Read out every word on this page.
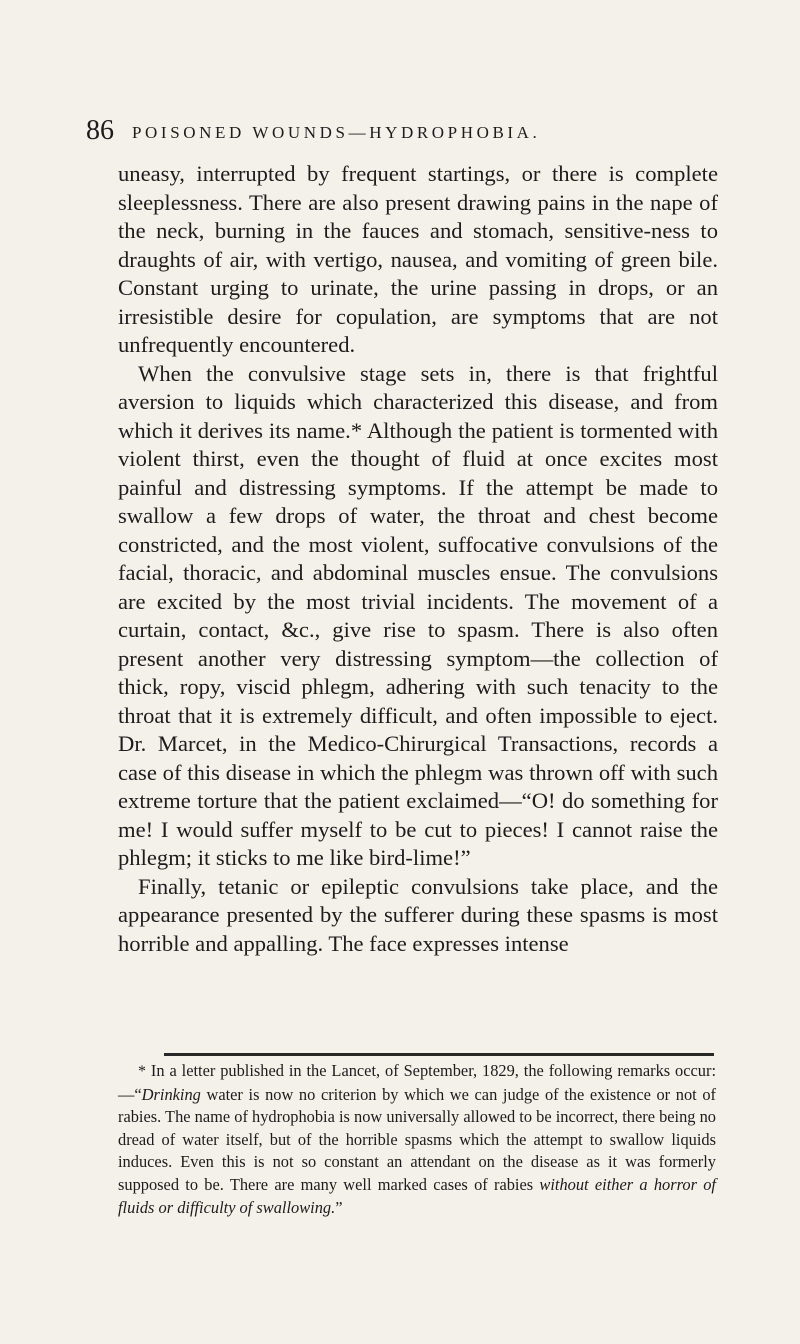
86 POISONED WOUNDS—HYDROPHOBIA.

uneasy, interrupted by frequent startings, or there is complete sleeplessness. There are also present drawing pains in the nape of the neck, burning in the fauces and stomach, sensitive-ness to draughts of air, with vertigo, nausea, and vomiting of green bile. Constant urging to urinate, the urine passing in drops, or an irresistible desire for copulation, are symptoms that are not unfrequently encountered.

When the convulsive stage sets in, there is that frightful aversion to liquids which characterized this disease, and from which it derives its name.* Although the patient is tormented with violent thirst, even the thought of fluid at once excites most painful and distressing symptoms. If the attempt be made to swallow a few drops of water, the throat and chest become constricted, and the most violent, suffocative convulsions of the facial, thoracic, and abdominal muscles ensue. The convulsions are excited by the most trivial incidents. The movement of a curtain, contact, &c., give rise to spasm. There is also often present another very distressing symptom—the collection of thick, ropy, viscid phlegm, adhering with such tenacity to the throat that it is extremely difficult, and often impossible to eject. Dr. Marcet, in the Medico-Chirurgical Transactions, records a case of this disease in which the phlegm was thrown off with such extreme torture that the patient exclaimed—“O! do something for me! I would suffer myself to be cut to pieces! I cannot raise the phlegm; it sticks to me like bird-lime!”

Finally, tetanic or epileptic convulsions take place, and the appearance presented by the sufferer during these spasms is most horrible and appalling. The face expresses intense

* In a letter published in the Lancet, of September, 1829, the following remarks occur:—“Drinking water is now no criterion by which we can judge of the existence or not of rabies. The name of hydrophobia is now universally allowed to be incorrect, there being no dread of water itself, but of the horrible spasms which the attempt to swallow liquids induces. Even this is not so constant an attendant on the disease as it was formerly supposed to be. There are many well marked cases of rabies without either a horror of fluids or difficulty of swallowing.”
